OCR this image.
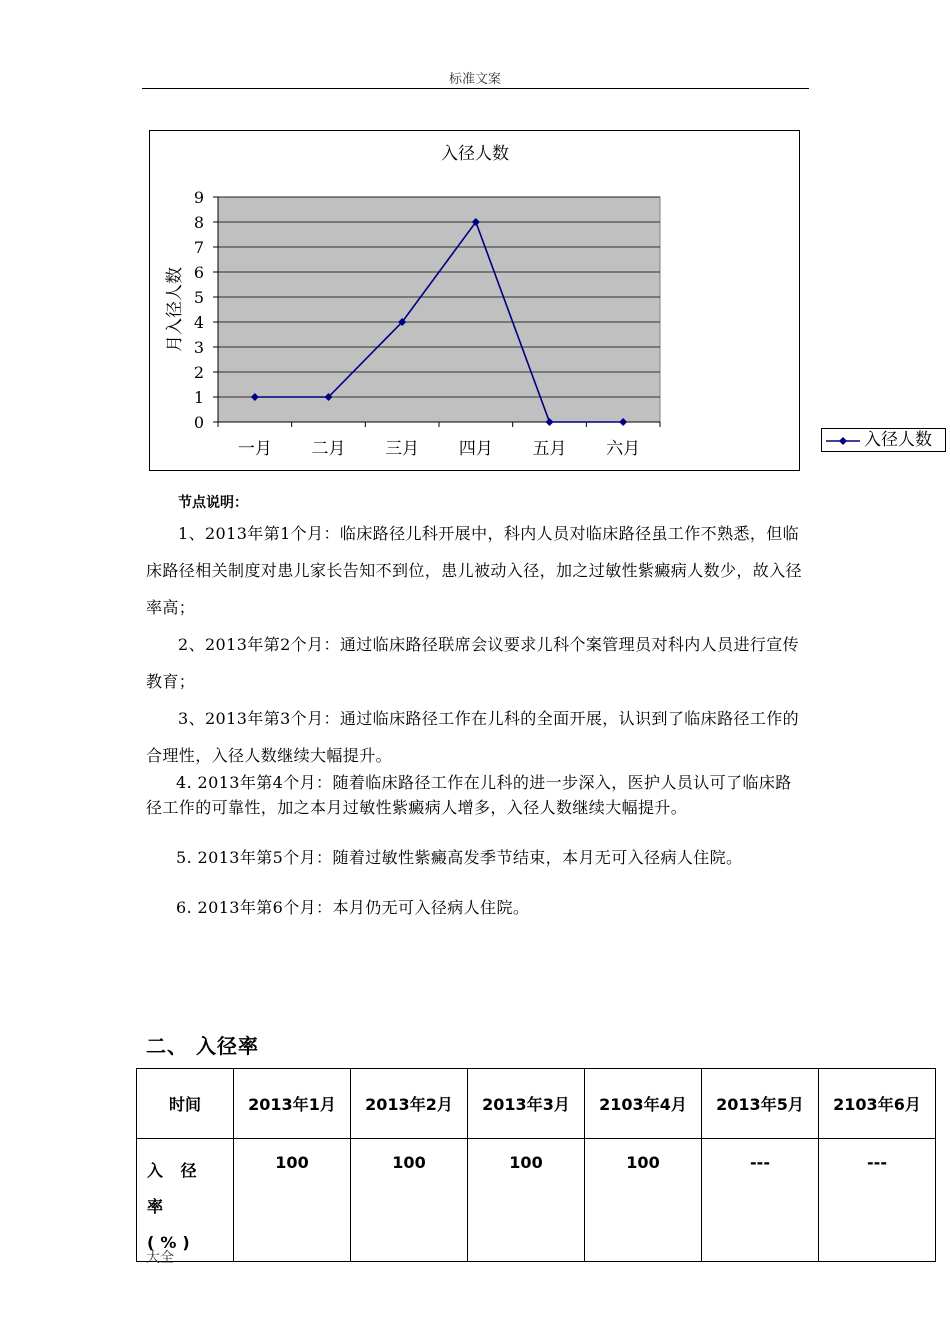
标准文案
入径人数
0
1
2
3
4
5
6
7
8
9
一月 二月 三月 四月 五月 六月
月入径人数
入径人数
节点说明：
1、2013年第1个月：临床路径儿科开展中，科内人员对临床路径虽工作不熟悉，但临床路径相关制度对患儿家长告知不到位，患儿被动入径，加之过敏性紫癜病人数少，故入径率高；
2、2013年第2个月：通过临床路径联席会议要求儿科个案管理员对科内人员进行宣传教育；
3、2013年第3个月：通过临床路径工作在儿科的全面开展，认识到了临床路径工作的合理性，入径人数继续大幅提升。
4. 2013年第4个月：随着临床路径工作在儿科的进一步深入，医护人员认可了临床路径工作的可靠性，加之本月过敏性紫癜病人增多，入径人数继续大幅提升。
5. 2013年第5个月：随着过敏性紫癜高发季节结束，本月无可入径病人住院。
6. 2013年第6个月：本月仍无可入径病人住院。
二、 入径率
时间	2013年1月	2013年2月	2013年3月	2103年4月	2013年5月	2103年6月

入 径 率
(%)	100	100	100	100	---	---
大全
